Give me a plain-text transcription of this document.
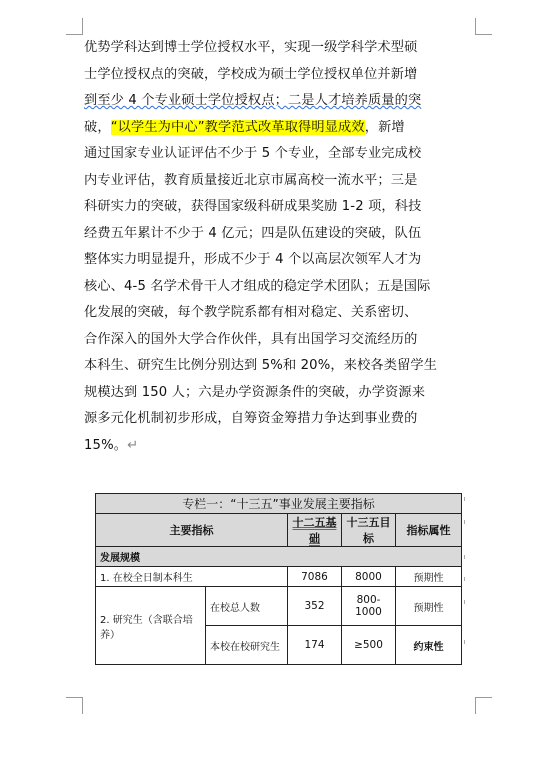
优势学科达到博士学位授权水平，实现一级学科学术型硕
士学位授权点的突破，学校成为硕士学位授权单位并新增
到至少 4 个专业硕士学位授权点；二是人才培养质量的突
破，“以学生为中心”教学范式改革取得明显成效，新增
通过国家专业认证评估不少于 5 个专业，全部专业完成校
内专业评估，教育质量接近北京市属高校一流水平；三是
科研实力的突破，获得国家级科研成果奖励 1-2 项，科技
经费五年累计不少于 4 亿元；四是队伍建设的突破，队伍
整体实力明显提升，形成不少于 4 个以高层次领军人才为
核心、4-5 名学术骨干人才组成的稳定学术团队；五是国际
化发展的突破，每个教学院系都有相对稳定、关系密切、
合作深入的国外大学合作伙伴，具有出国学习交流经历的
本科生、研究生比例分别达到 5%和 20%，来校各类留学生
规模达到 150 人；六是办学资源条件的突破，办学资源来
源多元化机制初步形成，自筹资金筹措力争达到事业费的
15%。↵
专栏一：“十三五”事业发展主要指标				
主要指标		十二五基础	十三五目标	指标属性
发展规模				
1. 在校全日制本科生		7086	8000	预期性
2. 研究生（含联合培养）	在校总人数	352	800-1000	预期性
	本校在校研究生	174	≥500	约束性
